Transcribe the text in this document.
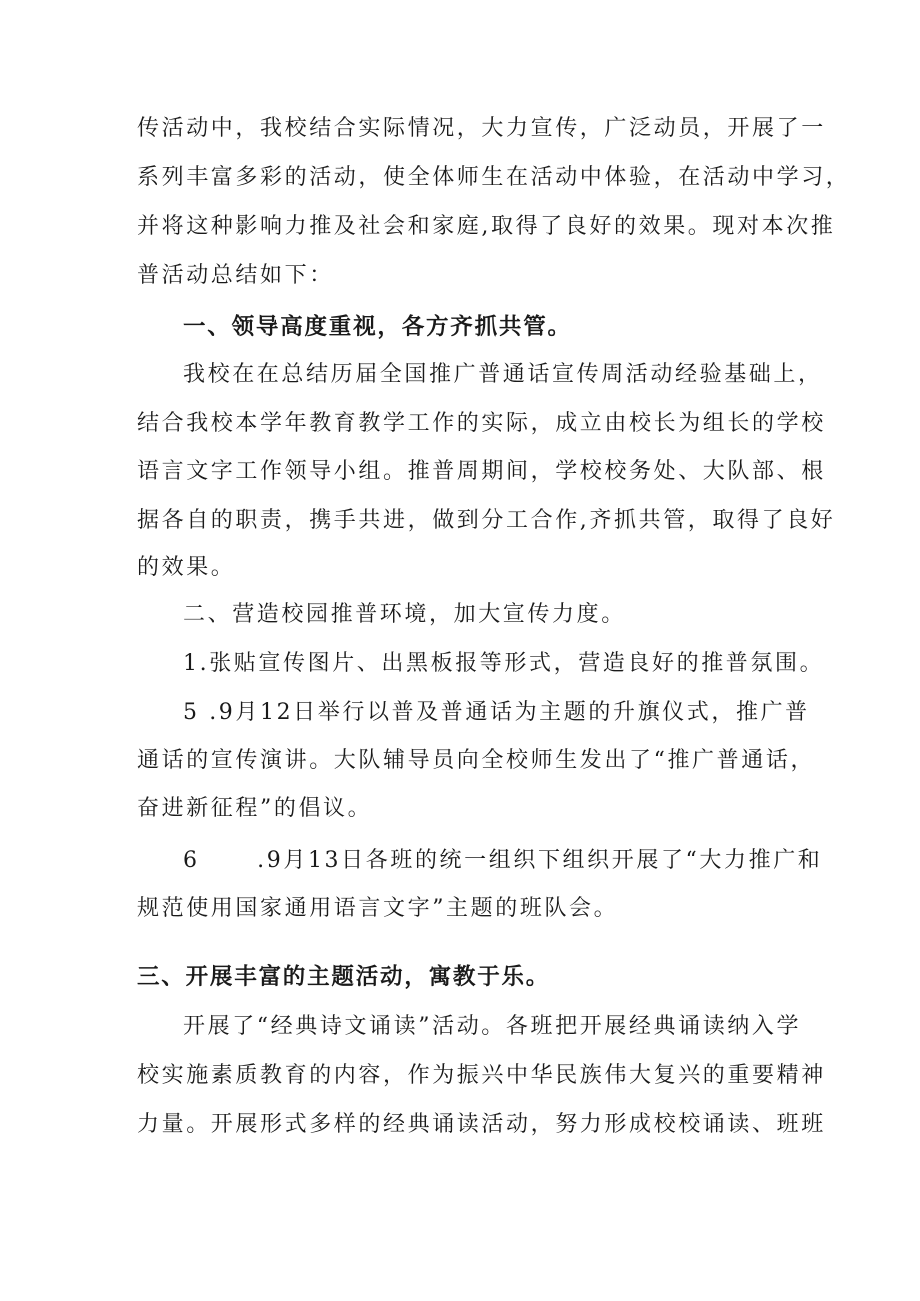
传活动中，我校结合实际情况，大力宣传，广泛动员，开展了一
系列丰富多彩的活动，使全体师生在活动中体验，在活动中学习，
并将这种影响力推及社会和家庭,取得了良好的效果。现对本次推
普活动总结如下：
一、领导高度重视，各方齐抓共管。
我校在在总结历届全国推广普通话宣传周活动经验基础上，
结合我校本学年教育教学工作的实际，成立由校长为组长的学校
语言文字工作领导小组。推普周期间，学校校务处、大队部、根
据各自的职责，携手共进，做到分工合作,齐抓共管，取得了良好
的效果。
二、营造校园推普环境，加大宣传力度。
1.张贴宣传图片、出黑板报等形式，营造良好的推普氛围。
5 .9月12日举行以普及普通话为主题的升旗仪式，推广普
通话的宣传演讲。大队辅导员向全校师生发出了“推广普通话，
奋进新征程”的倡议。
6      .9月13日各班的统一组织下组织开展了“大力推广和
规范使用国家通用语言文字”主题的班队会。
三、开展丰富的主题活动，寓教于乐。
开展了“经典诗文诵读”活动。各班把开展经典诵读纳入学
校实施素质教育的内容，作为振兴中华民族伟大复兴的重要精神
力量。开展形式多样的经典诵读活动，努力形成校校诵读、班班
